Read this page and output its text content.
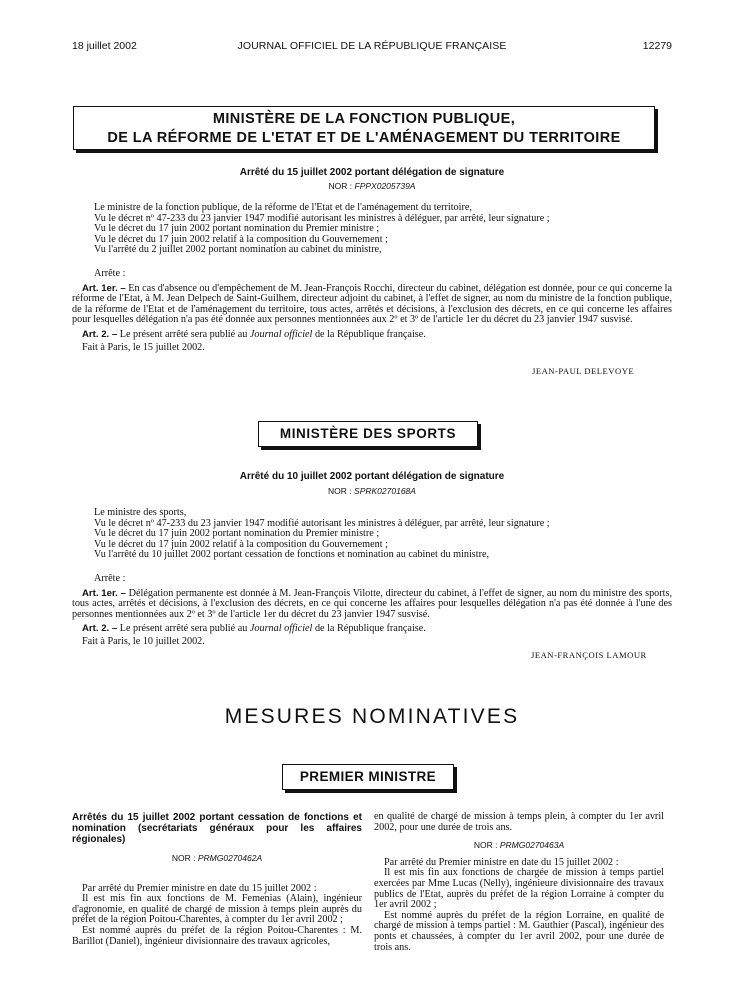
18 juillet 2002	JOURNAL OFFICIEL DE LA RÉPUBLIQUE FRANÇAISE	12279
MINISTÈRE DE LA FONCTION PUBLIQUE,
DE LA RÉFORME DE L'ETAT ET DE L'AMÉNAGEMENT DU TERRITOIRE
Arrêté du 15 juillet 2002 portant délégation de signature
NOR : FPPX0205739A

Le ministre de la fonction publique, de la réforme de l'Etat et de l'aménagement du territoire,

Vu le décret nº 47-233 du 23 janvier 1947 modifié autorisant les ministres à déléguer, par arrêté, leur signature ;

Vu le décret du 17 juin 2002 portant nomination du Premier ministre ;

Vu le décret du 17 juin 2002 relatif à la composition du Gouvernement ;

Vu l'arrêté du 2 juillet 2002 portant nomination au cabinet du ministre,

Arrête :

Art. 1er. – En cas d'absence ou d'empêchement de M. Jean-François Rocchi, directeur du cabinet, délégation est donnée, pour ce qui concerne la réforme de l'Etat, à M. Jean Delpech de Saint-Guilhem, directeur adjoint du cabinet, à l'effet de signer, au nom du ministre de la fonction publique, de la réforme de l'Etat et de l'aménagement du territoire, tous actes, arrêtés et décisions, à l'exclusion des décrets, en ce qui concerne les affaires pour lesquelles délégation n'a pas été donnée aux personnes mentionnées aux 2º et 3º de l'article 1er du décret du 23 janvier 1947 susvisé.

Art. 2. – Le présent arrêté sera publié au Journal officiel de la République française.

Fait à Paris, le 15 juillet 2002.

JEAN-PAUL DELEVOYE
MINISTÈRE DES SPORTS
Arrêté du 10 juillet 2002 portant délégation de signature
NOR : SPRK0270168A

Le ministre des sports,

Vu le décret nº 47-233 du 23 janvier 1947 modifié autorisant les ministres à déléguer, par arrêté, leur signature ;

Vu le décret du 17 juin 2002 portant nomination du Premier ministre ;

Vu le décret du 17 juin 2002 relatif à la composition du Gouvernement ;

Vu l'arrêté du 10 juillet 2002 portant cessation de fonctions et nomination au cabinet du ministre,

Arrête :

Art. 1er. – Délégation permanente est donnée à M. Jean-François Vilotte, directeur du cabinet, à l'effet de signer, au nom du ministre des sports, tous actes, arrêtés et décisions, à l'exclusion des décrets, en ce qui concerne les affaires pour lesquelles délégation n'a pas été donnée à l'une des personnes mentionnées aux 2º et 3º de l'article 1er du décret du 23 janvier 1947 susvisé.

Art. 2. – Le présent arrêté sera publié au Journal officiel de la République française.

Fait à Paris, le 10 juillet 2002.

JEAN-FRANÇOIS LAMOUR
MESURES NOMINATIVES
PREMIER MINISTRE

Arrêtés du 15 juillet 2002 portant cessation de fonctions et nomination (secrétariats généraux pour les affaires régionales)

NOR : PRMG0270462A

Par arrêté du Premier ministre en date du 15 juillet 2002 :

Il est mis fin aux fonctions de M. Femenias (Alain), ingénieur d'agronomie, en qualité de chargé de mission à temps plein auprès du préfet de la région Poitou-Charentes, à compter du 1er avril 2002 ;

Est nommé auprès du préfet de la région Poitou-Charentes : M. Barillot (Daniel), ingénieur divisionnaire des travaux agricoles,

en qualité de chargé de mission à temps plein, à compter du 1er avril 2002, pour une durée de trois ans.

NOR : PRMG0270463A

Par arrêté du Premier ministre en date du 15 juillet 2002 :

Il est mis fin aux fonctions de chargée de mission à temps partiel exercées par Mme Lucas (Nelly), ingénieure divisionnaire des travaux publics de l'Etat, auprès du préfet de la région Lorraine à compter du 1er avril 2002 ;

Est nommé auprès du préfet de la région Lorraine, en qualité de chargé de mission à temps partiel : M. Gauthier (Pascal), ingénieur des ponts et chaussées, à compter du 1er avril 2002, pour une durée de trois ans.
